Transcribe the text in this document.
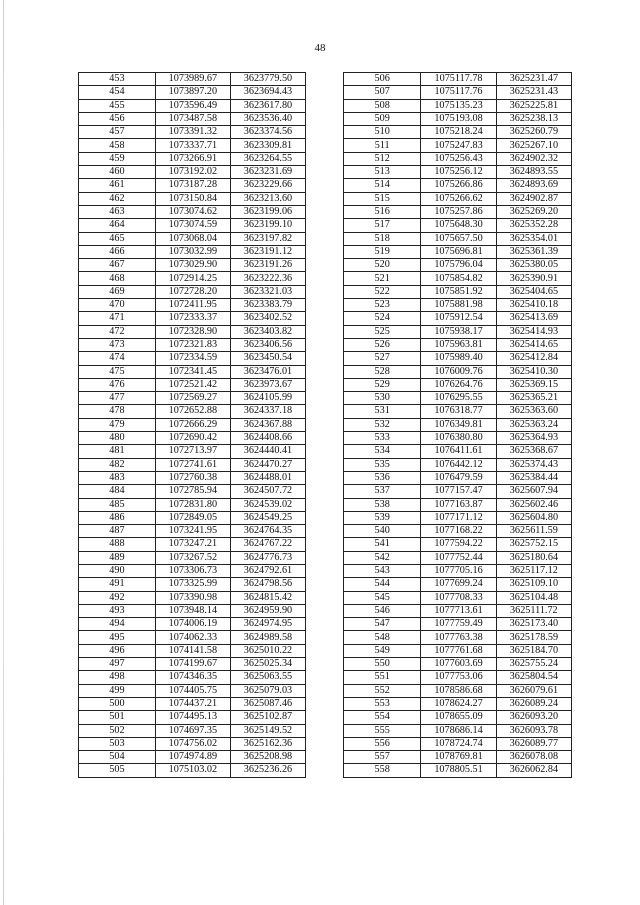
48
453	1073989.67	3623779.50
454	1073897.20	3623694.43
455	1073596.49	3623617.80
456	1073487.58	3623536.40
457	1073391.32	3623374.56
458	1073337.71	3623309.81
459	1073266.91	3623264.55
460	1073192.02	3623231.69
461	1073187.28	3623229.66
462	1073150.84	3623213.60
463	1073074.62	3623199.06
464	1073074.59	3623199.10
465	1073068.04	3623197.82
466	1073032.99	3623191.12
467	1073029.90	3623191.26
468	1072914.25	3623222.36
469	1072728.20	3623321.03
470	1072411.95	3623383.79
471	1072333.37	3623402.52
472	1072328.90	3623403.82
473	1072321.83	3623406.56
474	1072334.59	3623450.54
475	1072341.45	3623476.01
476	1072521.42	3623973.67
477	1072569.27	3624105.99
478	1072652.88	3624337.18
479	1072666.29	3624367.88
480	1072690.42	3624408.66
481	1072713.97	3624440.41
482	1072741.61	3624470.27
483	1072760.38	3624488.01
484	1072785.94	3624507.72
485	1072831.80	3624539.02
486	1072849.05	3624549.25
487	1073241.95	3624764.35
488	1073247.21	3624767.22
489	1073267.52	3624776.73
490	1073306.73	3624792.61
491	1073325.99	3624798.56
492	1073390.98	3624815.42
493	1073948.14	3624959.90
494	1074006.19	3624974.95
495	1074062.33	3624989.58
496	1074141.58	3625010.22
497	1074199.67	3625025.34
498	1074346.35	3625063.55
499	1074405.75	3625079.03
500	1074437.21	3625087.46
501	1074495.13	3625102.87
502	1074697.35	3625149.52
503	1074756.02	3625162.36
504	1074974.89	3625208.98
505	1075103.02	3625236.26
506	1075117.78	3625231.47
507	1075117.76	3625231.43
508	1075135.23	3625225.81
509	1075193.08	3625238.13
510	1075218.24	3625260.79
511	1075247.83	3625267.10
512	1075256.43	3624902.32
513	1075256.12	3624893.55
514	1075266.86	3624893.69
515	1075266.62	3624902.87
516	1075257.86	3625269.20
517	1075648.30	3625352.28
518	1075657.50	3625354.01
519	1075696.81	3625361.39
520	1075796.04	3625380.05
521	1075854.82	3625390.91
522	1075851.92	3625404.65
523	1075881.98	3625410.18
524	1075912.54	3625413.69
525	1075938.17	3625414.93
526	1075963.81	3625414.65
527	1075989.40	3625412.84
528	1076009.76	3625410.30
529	1076264.76	3625369.15
530	1076295.55	3625365.21
531	1076318.77	3625363.60
532	1076349.81	3625363.24
533	1076380.80	3625364.93
534	1076411.61	3625368.67
535	1076442.12	3625374.43
536	1076479.59	3625384.44
537	1077157.47	3625607.94
538	1077163.87	3625602.46
539	1077171.12	3625604.80
540	1077168.22	3625611.59
541	1077594.22	3625752.15
542	1077752.44	3625180.64
543	1077705.16	3625117.12
544	1077699.24	3625109.10
545	1077708.33	3625104.48
546	1077713.61	3625111.72
547	1077759.49	3625173.40
548	1077763.38	3625178.59
549	1077761.68	3625184.70
550	1077603.69	3625755.24
551	1077753.06	3625804.54
552	1078586.68	3626079.61
553	1078624.27	3626089.24
554	1078655.09	3626093.20
555	1078686.14	3626093.78
556	1078724.74	3626089.77
557	1078769.81	3626078.08
558	1078805.51	3626062.84
